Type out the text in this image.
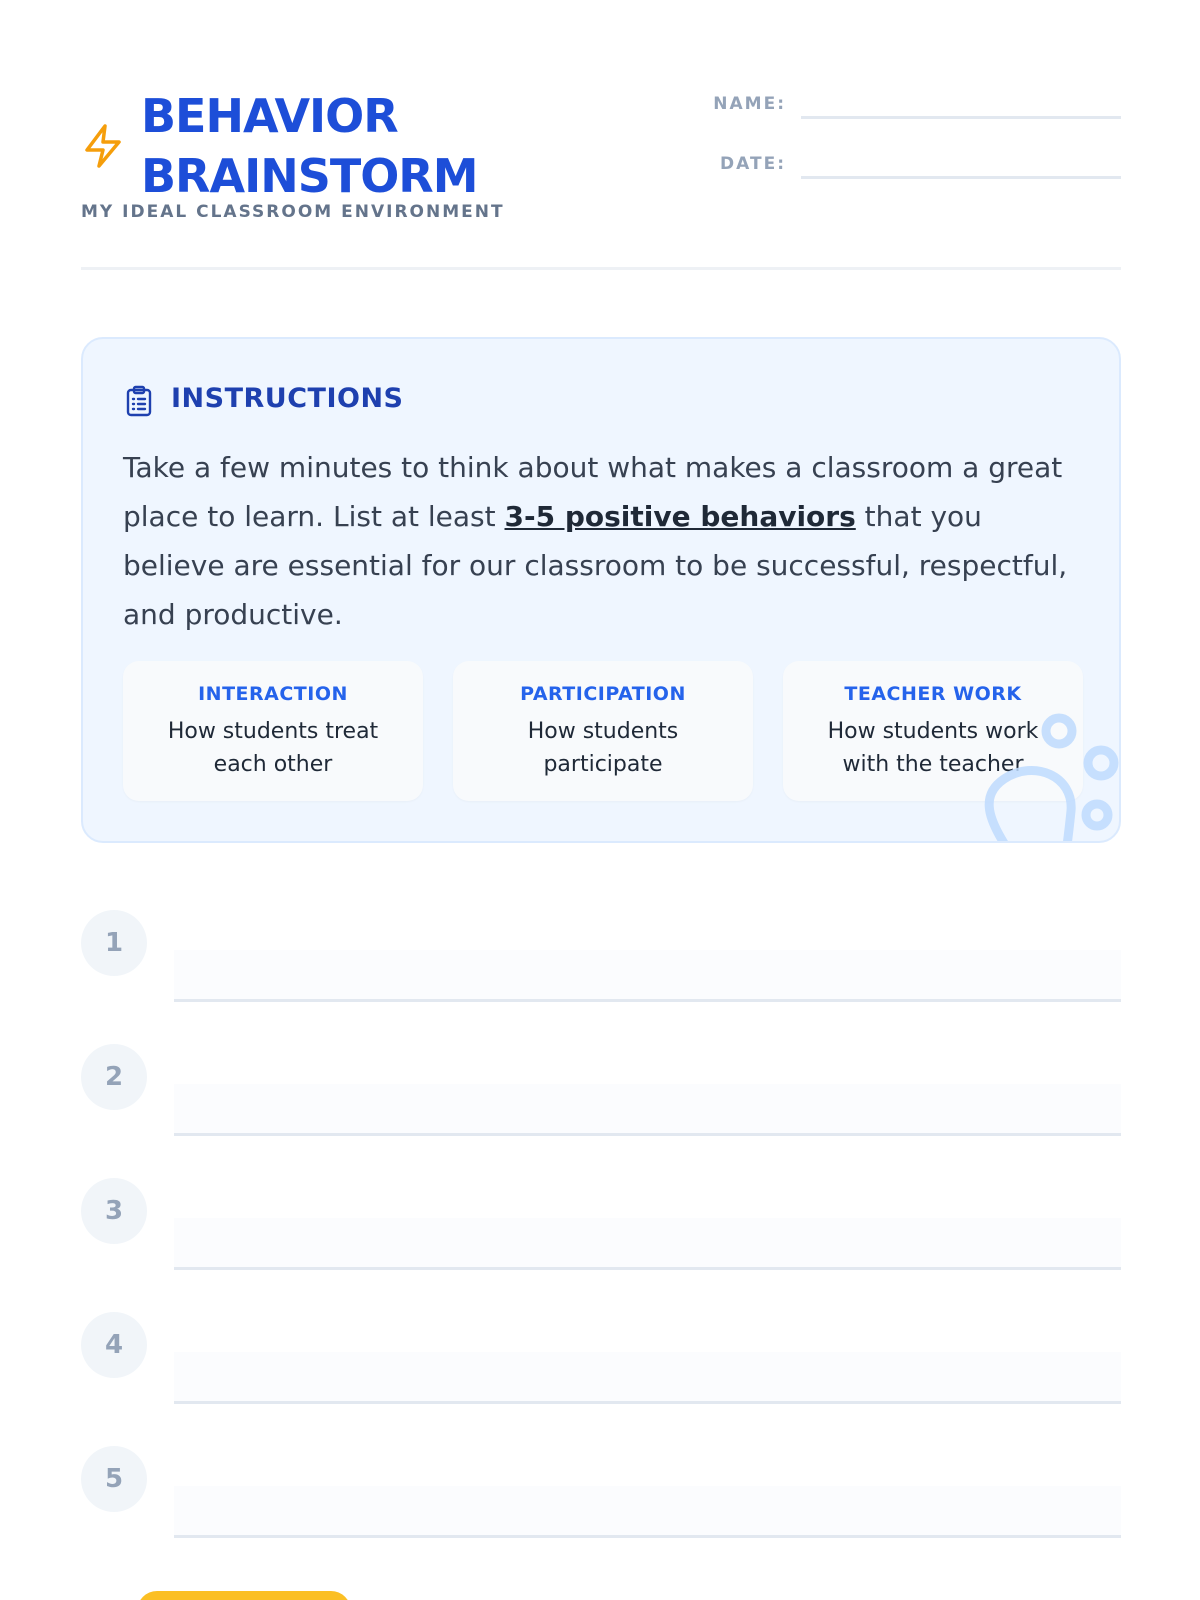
BEHAVIOR
BRAINSTORM
MY IDEAL CLASSROOM ENVIRONMENT
NAME:
DATE:
INSTRUCTIONS

Take a few minutes to think about what makes a classroom a great place to learn. List at least 3-5 positive behaviors that you believe are essential for our classroom to be successful, respectful, and productive.

INTERACTION
How students treat each other
PARTICIPATION
How students participate
TEACHER WORK
How students work with the teacher
1
2
3
4
5
